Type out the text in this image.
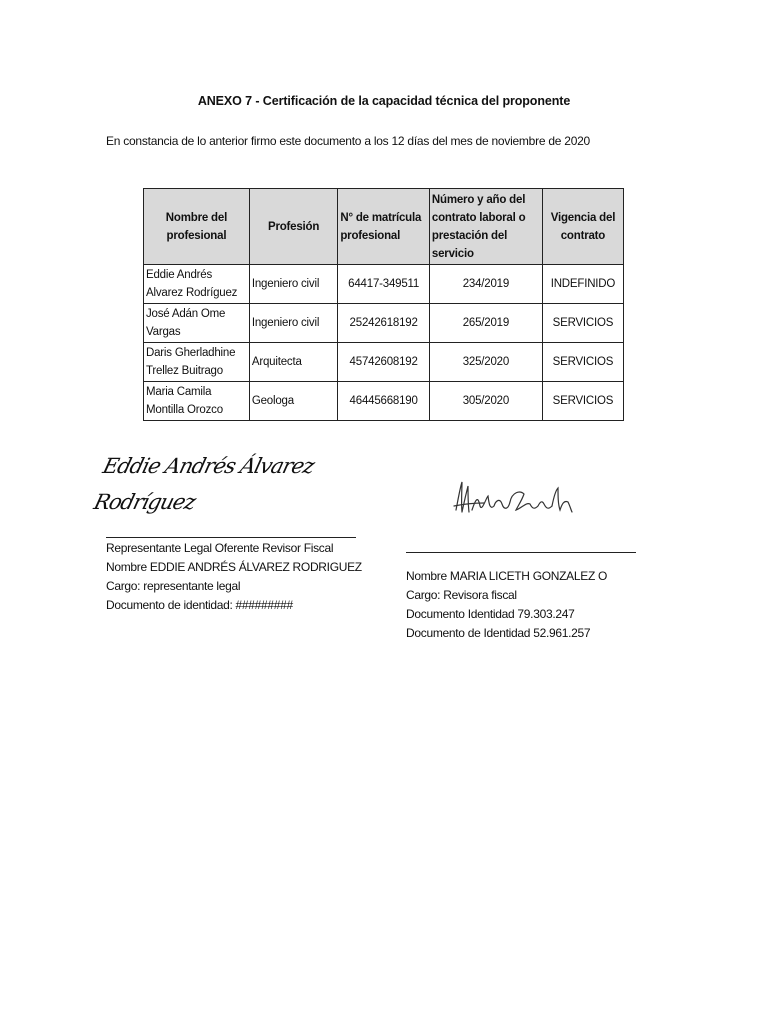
ANEXO 7 - Certificación de la capacidad técnica del proponente
En constancia de lo anterior firmo este documento a los 12 días del mes de noviembre de 2020
Nombre del profesional	Profesión	N° de matrícula profesional	Número y año del contrato laboral o prestación del servicio	Vigencia del contrato
Eddie Andrés Alvarez Rodríguez	Ingeniero civil	64417-349511	234/2019	INDEFINIDO
José Adán Ome Vargas	Ingeniero civil	25242618192	265/2019	SERVICIOS
Daris Gherladhine Trellez Buitrago	Arquitecta	45742608192	325/2020	SERVICIOS
Maria Camila Montilla Orozco	Geologa	46445668190	305/2020	SERVICIOS
Eddie Andrés Álvarez
Rodríguez
Representante Legal Oferente Revisor Fiscal
Nombre EDDIE ANDRÉS ÁLVAREZ RODRIGUEZ
Cargo: representante legal
Documento de identidad: #########
Nombre MARIA LICETH GONZALEZ O
Cargo: Revisora fiscal
Documento Identidad 79.303.247
Documento de Identidad 52.961.257
